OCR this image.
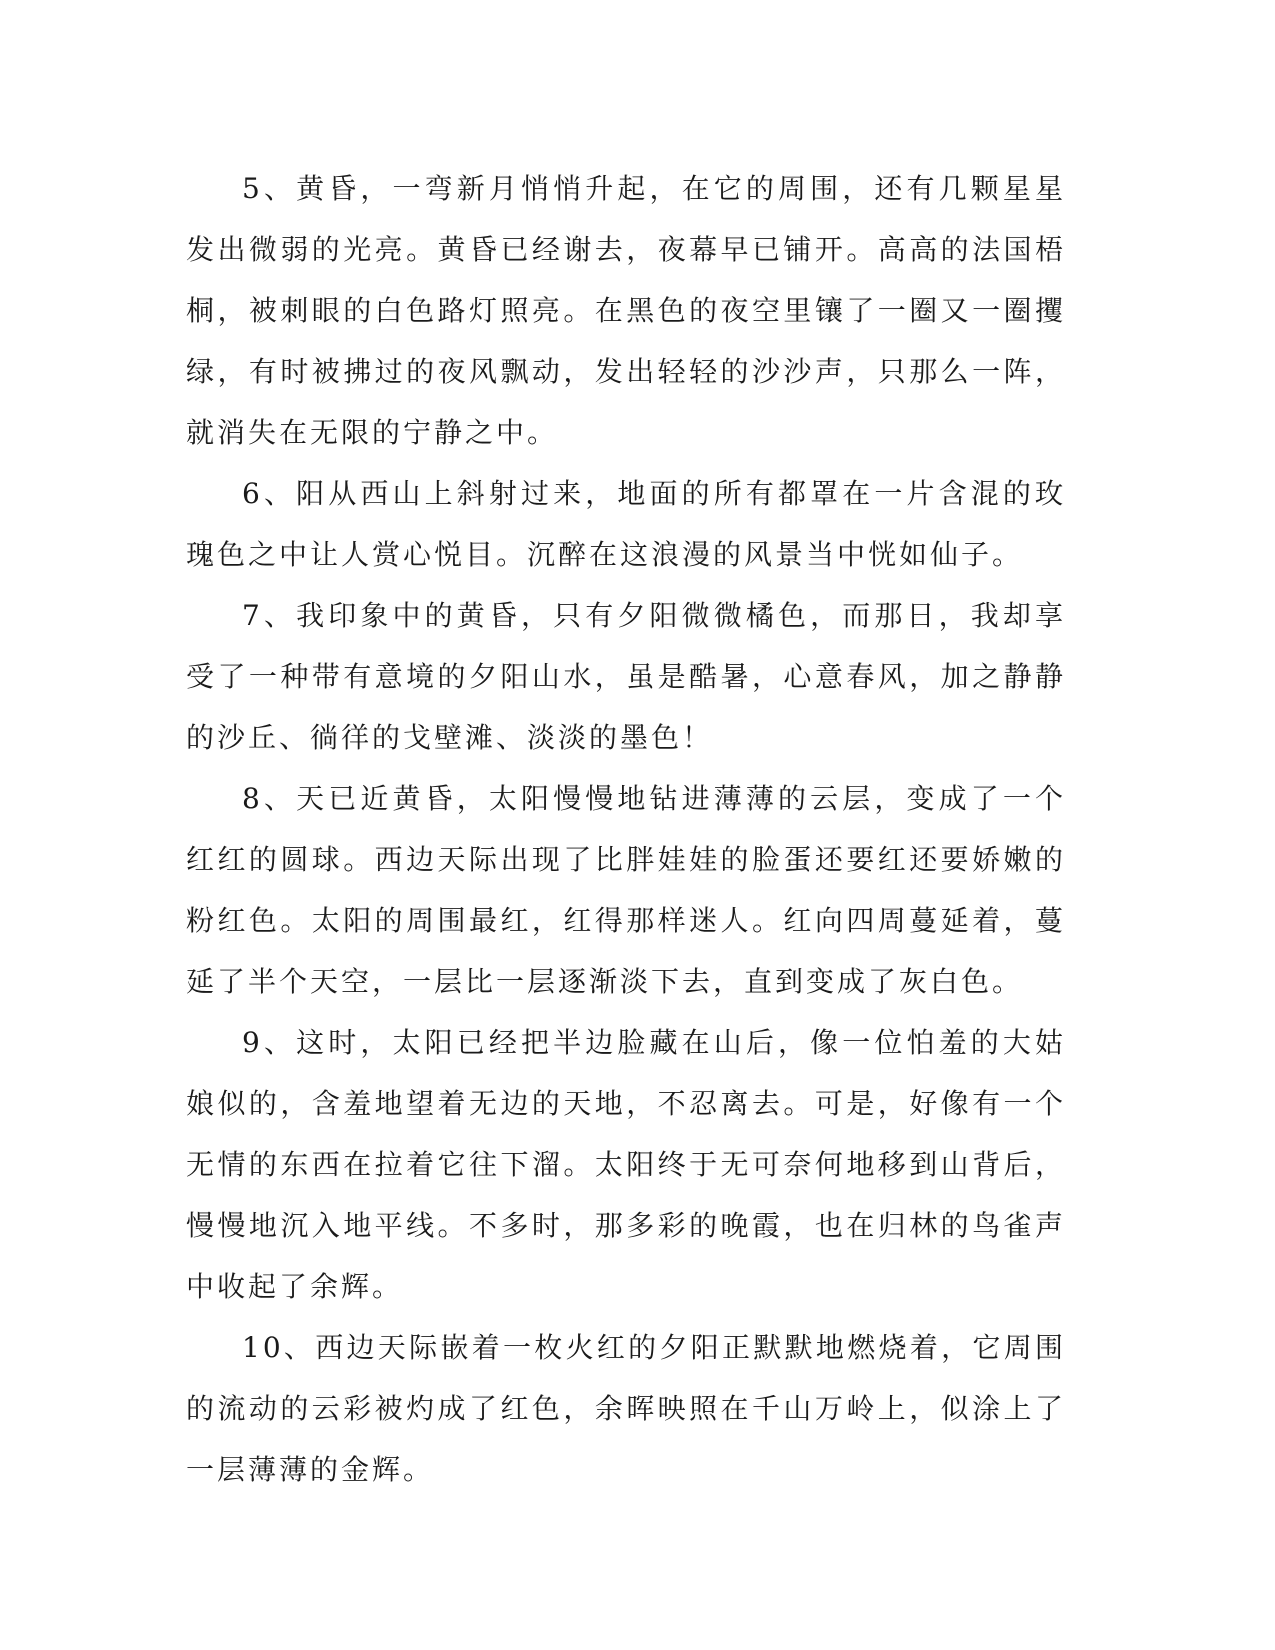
5、黄昏，一弯新月悄悄升起，在它的周围，还有几颗星星发出微弱的光亮。黄昏已经谢去，夜幕早已铺开。高高的法国梧桐，被刺眼的白色路灯照亮。在黑色的夜空里镶了一圈又一圈攫绿，有时被拂过的夜风飘动，发出轻轻的沙沙声，只那么一阵，就消失在无限的宁静之中。

6、阳从西山上斜射过来，地面的所有都罩在一片含混的玫瑰色之中让人赏心悦目。沉醉在这浪漫的风景当中恍如仙子。

7、我印象中的黄昏，只有夕阳微微橘色，而那日，我却享受了一种带有意境的夕阳山水，虽是酷暑，心意春风，加之静静的沙丘、徜徉的戈壁滩、淡淡的墨色！

8、天已近黄昏，太阳慢慢地钻进薄薄的云层，变成了一个红红的圆球。西边天际出现了比胖娃娃的脸蛋还要红还要娇嫩的粉红色。太阳的周围最红，红得那样迷人。红向四周蔓延着，蔓延了半个天空，一层比一层逐渐淡下去，直到变成了灰白色。

9、这时，太阳已经把半边脸藏在山后，像一位怕羞的大姑娘似的，含羞地望着无边的天地，不忍离去。可是，好像有一个无情的东西在拉着它往下溜。太阳终于无可奈何地移到山背后，慢慢地沉入地平线。不多时，那多彩的晚霞，也在归林的鸟雀声中收起了余辉。

10、西边天际嵌着一枚火红的夕阳正默默地燃烧着，它周围的流动的云彩被灼成了红色，余晖映照在千山万岭上，似涂上了一层薄薄的金辉。
